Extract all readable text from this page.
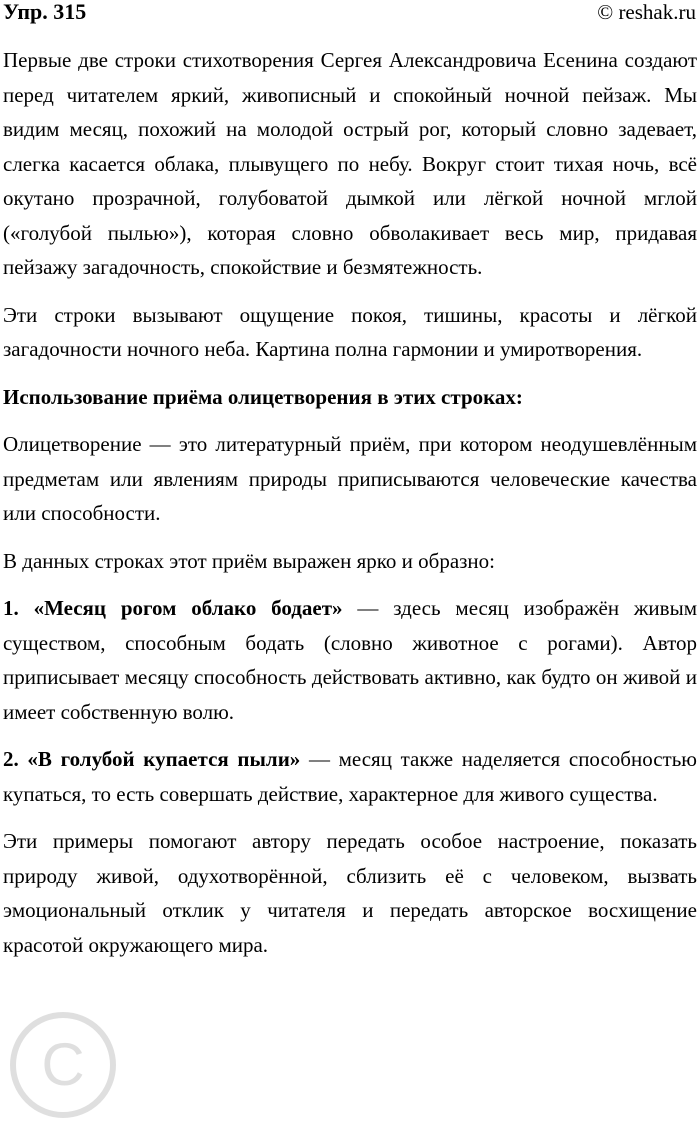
Упр. 315	© reshak.ru

Первые две строки стихотворения Сергея Александровича Есенина создают перед читателем яркий, живописный и спокойный ночной пейзаж. Мы видим месяц, похожий на молодой острый рог, который словно задевает, слегка касается облака, плывущего по небу. Вокруг стоит тихая ночь, всё окутано прозрачной, голубоватой дымкой или лёгкой ночной мглой («голубой пылью»), которая словно обволакивает весь мир, придавая пейзажу загадочность, спокойствие и безмятежность.

Эти строки вызывают ощущение покоя, тишины, красоты и лёгкой загадочности ночного неба. Картина полна гармонии и умиротворения.

Использование приёма олицетворения в этих строках:

Олицетворение — это литературный приём, при котором неодушевлённым предметам или явлениям природы приписываются человеческие качества или способности.

В данных строках этот приём выражен ярко и образно:

1. «Месяц рогом облако бодает» — здесь месяц изображён живым существом, способным бодать (словно животное с рогами). Автор приписывает месяцу способность действовать активно, как будто он живой и имеет собственную волю.

2. «В голубой купается пыли» — месяц также наделяется способностью купаться, то есть совершать действие, характерное для живого существа.

Эти примеры помогают автору передать особое настроение, показать природу живой, одухотворённой, сблизить её с человеком, вызвать эмоциональный отклик у читателя и передать авторское восхищение красотой окружающего мира.

C
